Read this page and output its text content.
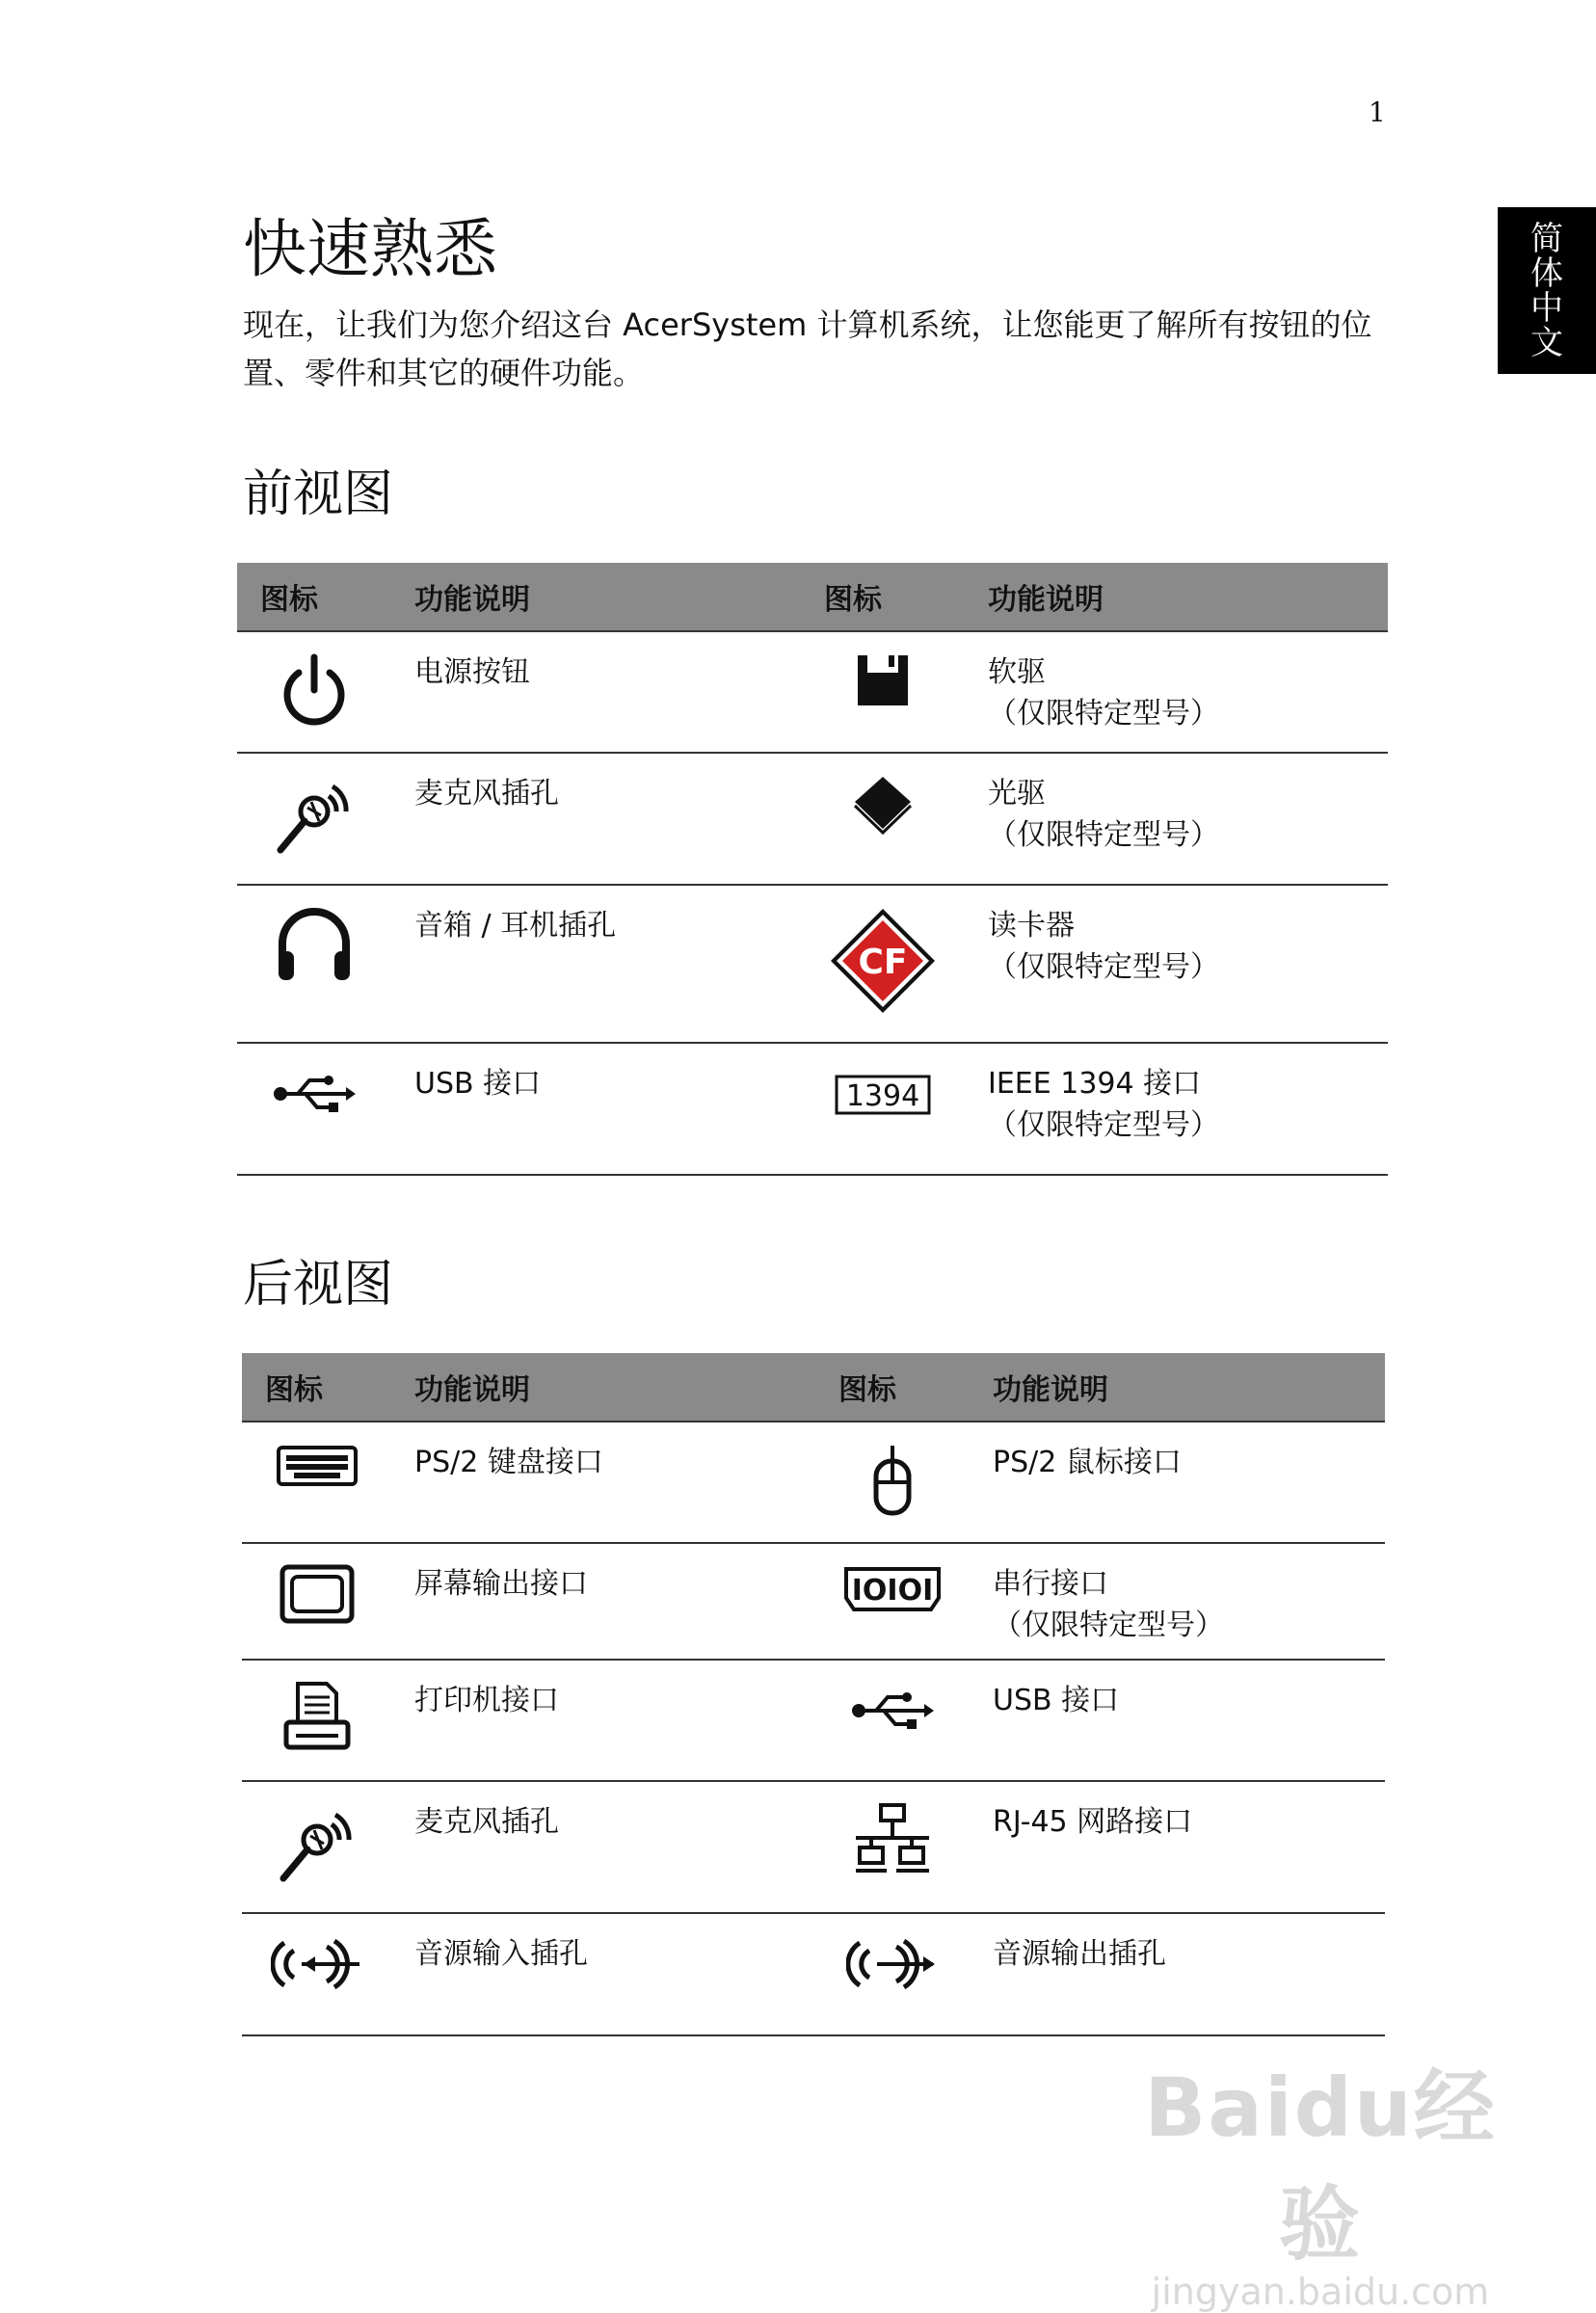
1
简
体
中
文
快速熟悉

现在，让我们为您介绍这台 AcerSystem 计算机系统，让您能更了解所有按钮的位置、零件和其它的硬件功能。

前视图
图标	功能说明	图标	功能说明

电源按钮		软驱
（仅限特定型号）

麦克风插孔		光驱
（仅限特定型号）

音箱 / 耳机插孔	CF	读卡器
（仅限特定型号）

USB 接口	1394	IEEE 1394 接口
（仅限特定型号）
后视图
图标	功能说明	图标	功能说明

PS/2 键盘接口		PS/2 鼠标接口

屏幕输出接口	IOIOI	串行接口
（仅限特定型号）

打印机接口		USB 接口

麦克风插孔		RJ-45 网路接口

音源输入插孔		音源输出插孔
Baidu经验
jingyan.baidu.com
